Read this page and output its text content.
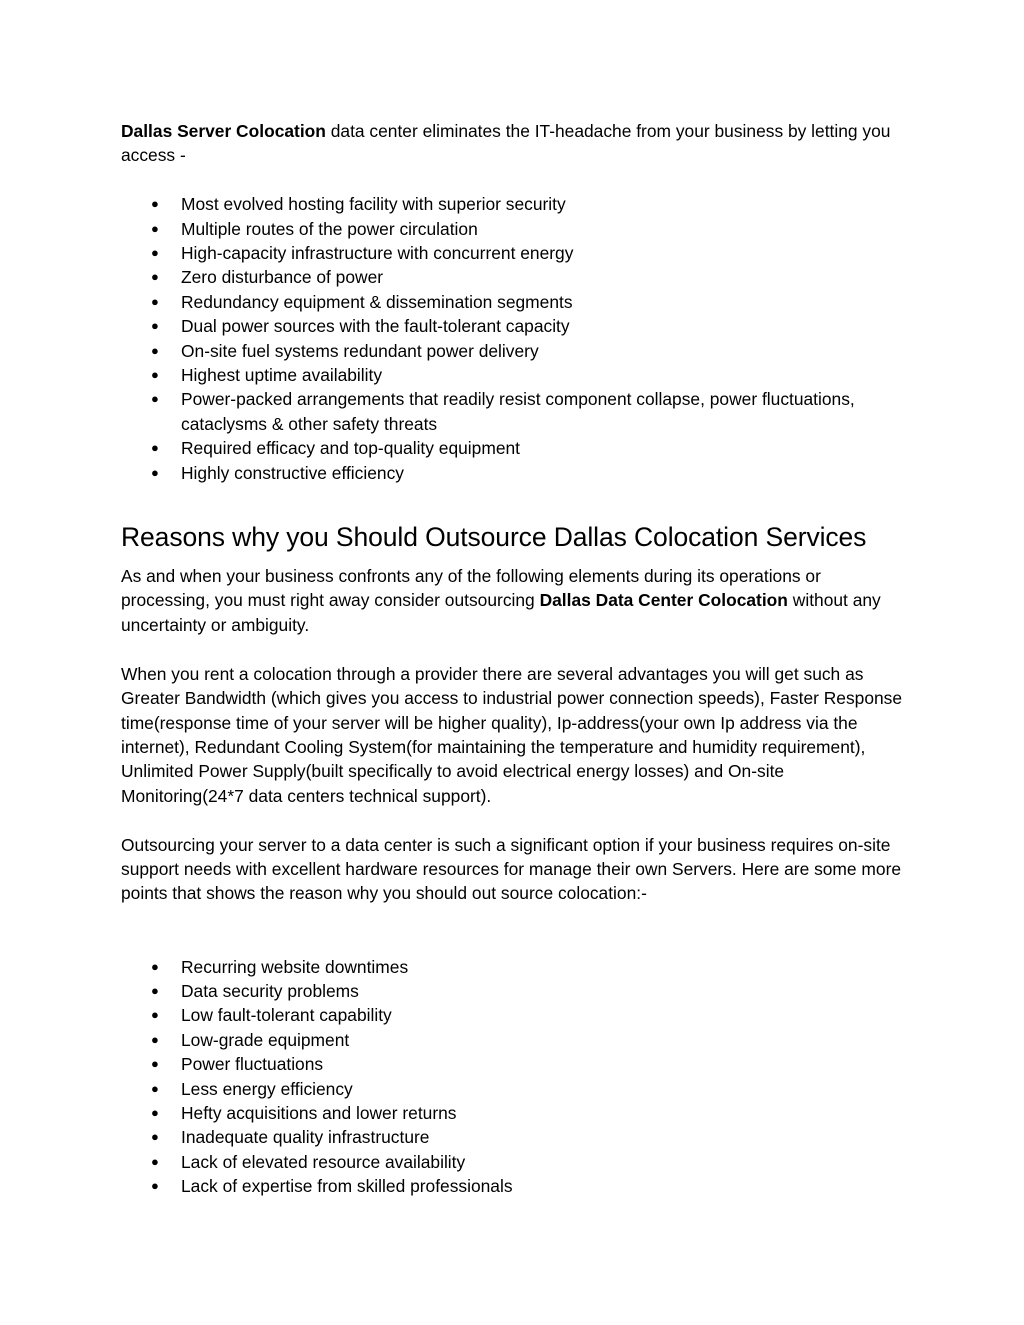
Dallas Server Colocation data center eliminates the IT-headache from your business by letting you access -

● Most evolved hosting facility with superior security
● Multiple routes of the power circulation
● High-capacity infrastructure with concurrent energy
● Zero disturbance of power
● Redundancy equipment & dissemination segments
● Dual power sources with the fault-tolerant capacity
● On-site fuel systems redundant power delivery
● Highest uptime availability
● Power-packed arrangements that readily resist component collapse, power fluctuations, cataclysms & other safety threats
● Required efficacy and top-quality equipment
● Highly constructive efficiency
Reasons why you Should Outsource Dallas Colocation Services

As and when your business confronts any of the following elements during its operations or processing, you must right away consider outsourcing Dallas Data Center Colocation without any uncertainty or ambiguity.

When you rent a colocation through a provider there are several advantages you will get such as Greater Bandwidth (which gives you access to industrial power connection speeds), Faster Response time(response time of your server will be higher quality), Ip-address(your own Ip address via the internet), Redundant Cooling System(for maintaining the temperature and humidity requirement), Unlimited Power Supply(built specifically to avoid electrical energy losses) and On-site Monitoring(24*7 data centers technical support).

Outsourcing your server to a data center is such a significant option if your business requires on-site support needs with excellent hardware resources for manage their own Servers. Here are some more points that shows the reason why you should out source colocation:-

● Recurring website downtimes
● Data security problems
● Low fault-tolerant capability
● Low-grade equipment
● Power fluctuations
● Less energy efficiency
● Hefty acquisitions and lower returns
● Inadequate quality infrastructure
● Lack of elevated resource availability
● Lack of expertise from skilled professionals
